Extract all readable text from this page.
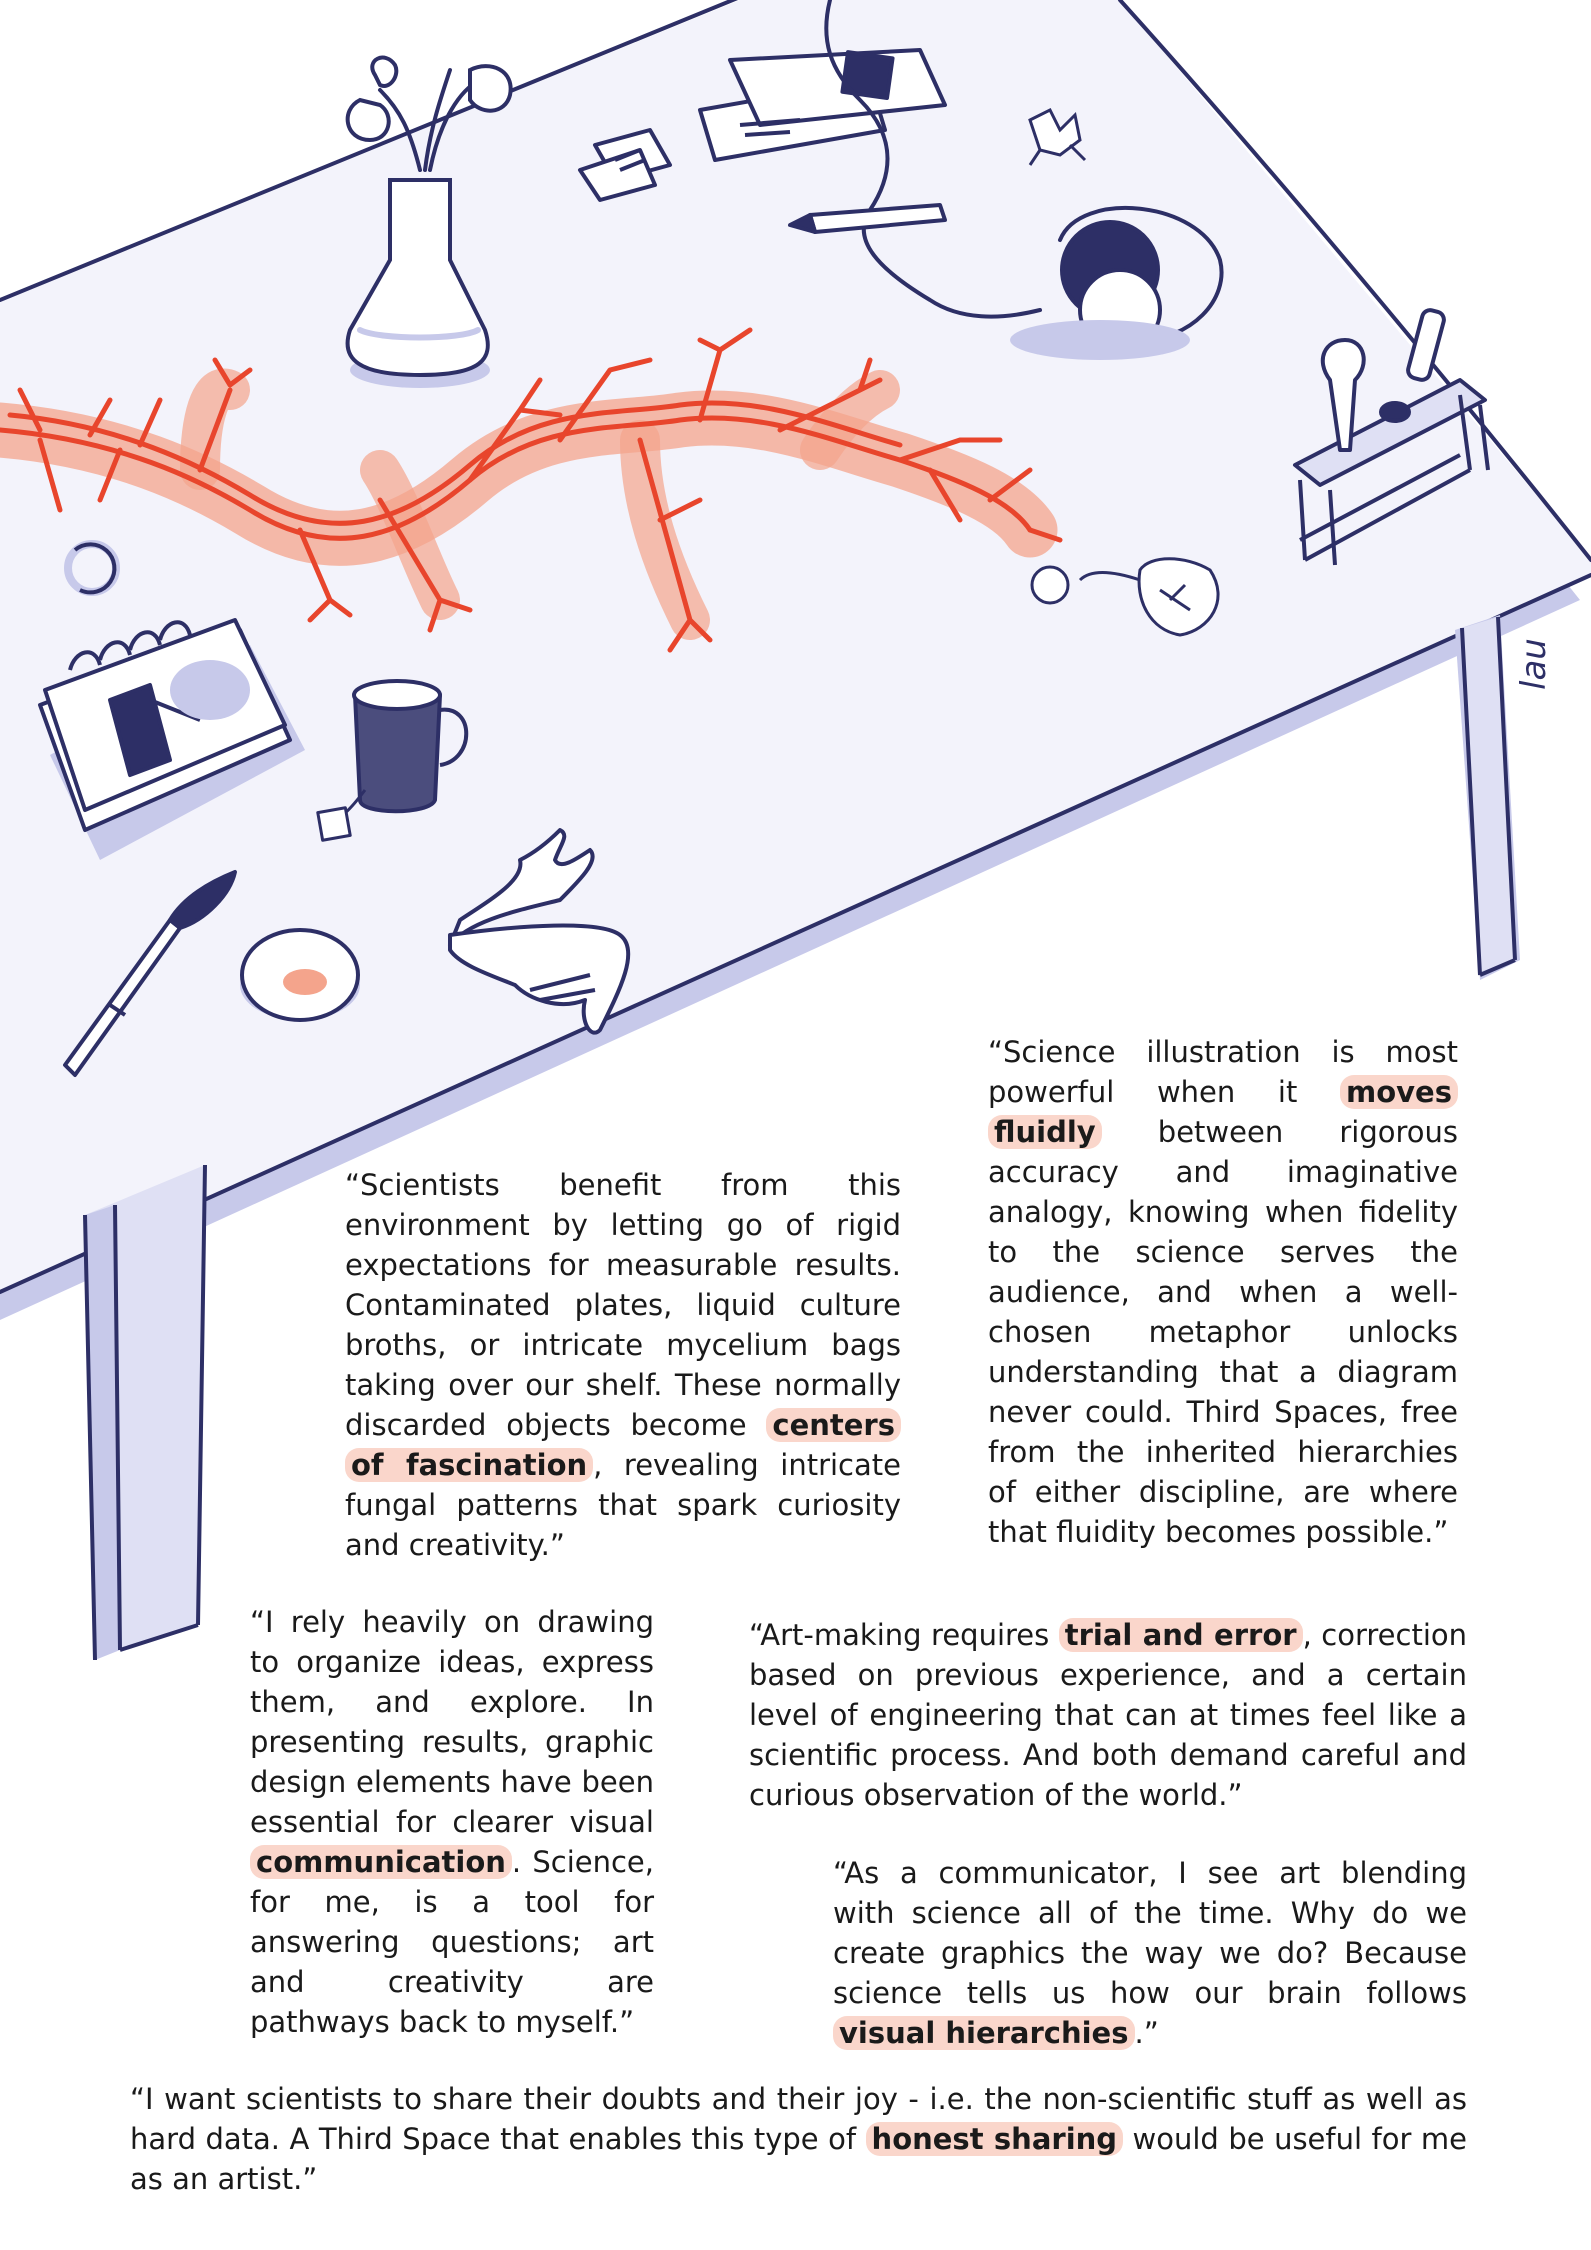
lau

“Science illustration is most powerful when it moves fluidly between rigorous accuracy and imaginative analogy, knowing when fidelity to the science serves the audience, and when a well-chosen metaphor unlocks understanding that a diagram never could. Third Spaces, free from the inherited hierarchies of either discipline, are where that fluidity becomes possible.”

“Scientists benefit from this environment by letting go of rigid expectations for measurable results. Contaminated plates, liquid culture broths, or intricate mycelium bags taking over our shelf. These normally discarded objects become centers of fascination , revealing intricate fungal patterns that spark curiosity and creativity.”

“I rely heavily on drawing to organize ideas, express them, and explore. In presenting results, graphic design elements have been essential for clearer visual communication . Science, for me, is a tool for answering questions; art and creativity are pathways back to myself.”

“Art-making requires trial and error , correction based on previous experience, and a certain level of engineering that can at times feel like a scientific process. And both demand careful and curious observation of the world.”

“As a communicator, I see art blending with science all of the time. Why do we create graphics the way we do? Because science tells us how our brain follows visual hierarchies .”

“I want scientists to share their doubts and their joy - i.e. the non-scientific stuff as well as hard data. A Third Space that enables this type of honest sharing would be useful for me as an artist.”
